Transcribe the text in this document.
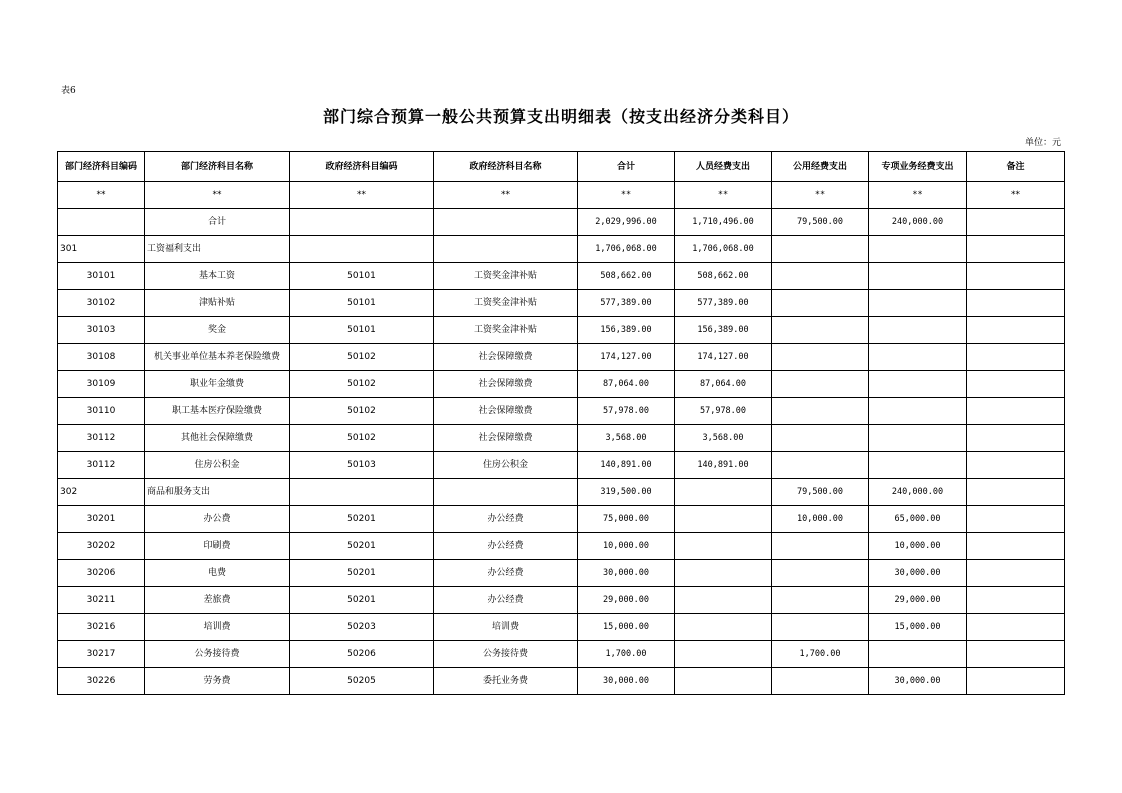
表6
部门综合预算一般公共预算支出明细表（按支出经济分类科目）
单位：元
部门经济科目编码	部门经济科目名称	政府经济科目编码	政府经济科目名称	合计	人员经费支出	公用经费支出	专项业务经费支出	备注
**	**	**	**	**	**	**	**	**
	合计			2,029,996.00	1,710,496.00	79,500.00	240,000.00	
301	工资福利支出			1,706,068.00	1,706,068.00			
30101	基本工资	50101	工资奖金津补贴	508,662.00	508,662.00			
30102	津贴补贴	50101	工资奖金津补贴	577,389.00	577,389.00			
30103	奖金	50101	工资奖金津补贴	156,389.00	156,389.00			
30108	机关事业单位基本养老保险缴费	50102	社会保障缴费	174,127.00	174,127.00			
30109	职业年金缴费	50102	社会保障缴费	87,064.00	87,064.00			
30110	职工基本医疗保险缴费	50102	社会保障缴费	57,978.00	57,978.00			
30112	其他社会保障缴费	50102	社会保障缴费	3,568.00	3,568.00			
30112	住房公积金	50103	住房公积金	140,891.00	140,891.00			
302	商品和服务支出			319,500.00		79,500.00	240,000.00	
30201	办公费	50201	办公经费	75,000.00		10,000.00	65,000.00	
30202	印刷费	50201	办公经费	10,000.00			10,000.00	
30206	电费	50201	办公经费	30,000.00			30,000.00	
30211	差旅费	50201	办公经费	29,000.00			29,000.00	
30216	培训费	50203	培训费	15,000.00			15,000.00	
30217	公务接待费	50206	公务接待费	1,700.00		1,700.00		
30226	劳务费	50205	委托业务费	30,000.00			30,000.00	
